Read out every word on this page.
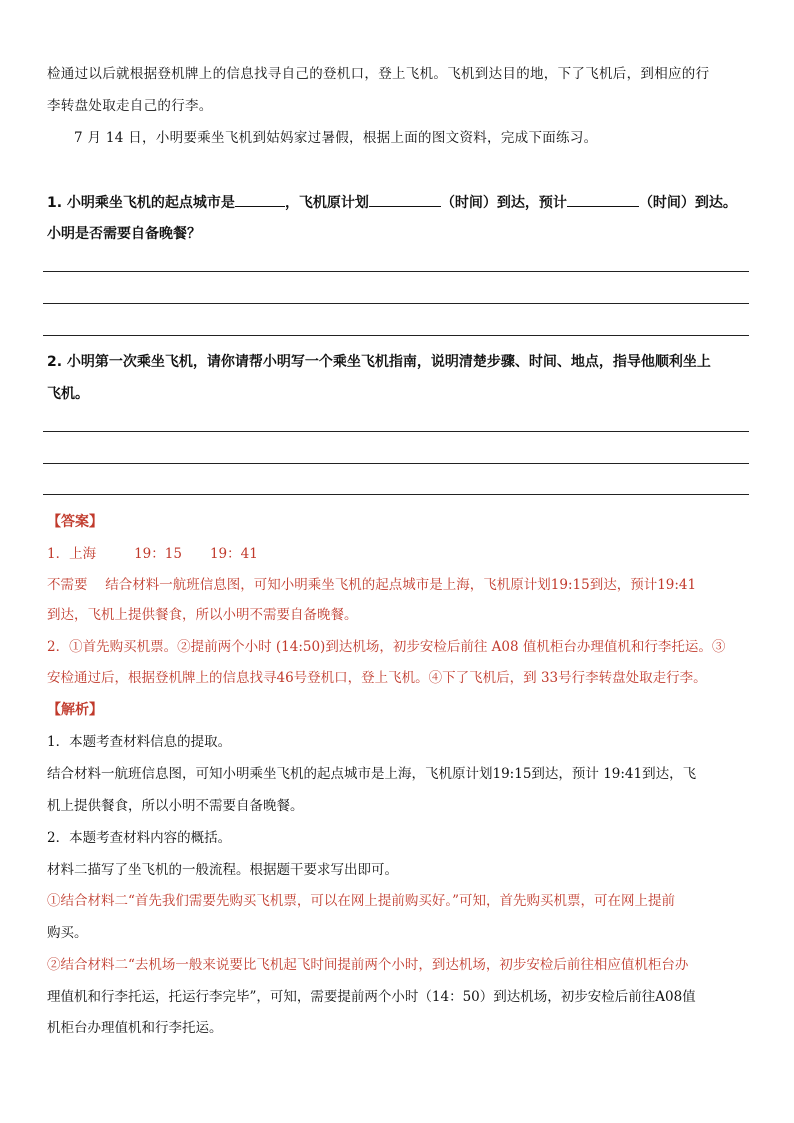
检通过以后就根据登机牌上的信息找寻自己的登机口，登上飞机。飞机到达目的地，下了飞机后，到相应的行
李转盘处取走自己的行李。
7 月 14 日，小明要乘坐飞机到姑妈家过暑假，根据上面的图文资料，完成下面练习。
1. 小明乘坐飞机的起点城市是	，飞机原计划	（时间）到达，预计	（时间）到达。
小明是否需要自备晚餐？
2. 小明第一次乘坐飞机，请你请帮小明写一个乘坐飞机指南，说明清楚步骤、时间、地点，指导他顺利坐上
飞机。
【答案】
1．上海	19：15 19：41
不需要　 结合材料一航班信息图，可知小明乘坐飞机的起点城市是上海，飞机原计划19:15到达，预计19:41
到达，飞机上提供餐食，所以小明不需要自备晚餐。
2．①首先购买机票。②提前两个小时 (14:50)到达机场，初步安检后前往 A08 值机柜台办理值机和行李托运。③
安检通过后，根据登机牌上的信息找寻46号登机口，登上飞机。④下了飞机后，到 33号行李转盘处取走行李。
【解析】
1．本题考查材料信息的提取。
结合材料一航班信息图，可知小明乘坐飞机的起点城市是上海，飞机原计划19:15到达，预计 19:41到达，飞
机上提供餐食，所以小明不需要自备晚餐。
2．本题考查材料内容的概括。
材料二描写了坐飞机的一般流程。根据题干要求写出即可。
①结合材料二“首先我们需要先购买飞机票，可以在网上提前购买好。”可知，首先购买机票，可在网上提前
购买。
②结合材料二“去机场一般来说要比飞机起飞时间提前两个小时，到达机场，初步安检后前往相应值机柜台办
理值机和行李托运，托运行李完毕”，可知，需要提前两个小时（14：50）到达机场，初步安检后前往A08值
机柜台办理值机和行李托运。
